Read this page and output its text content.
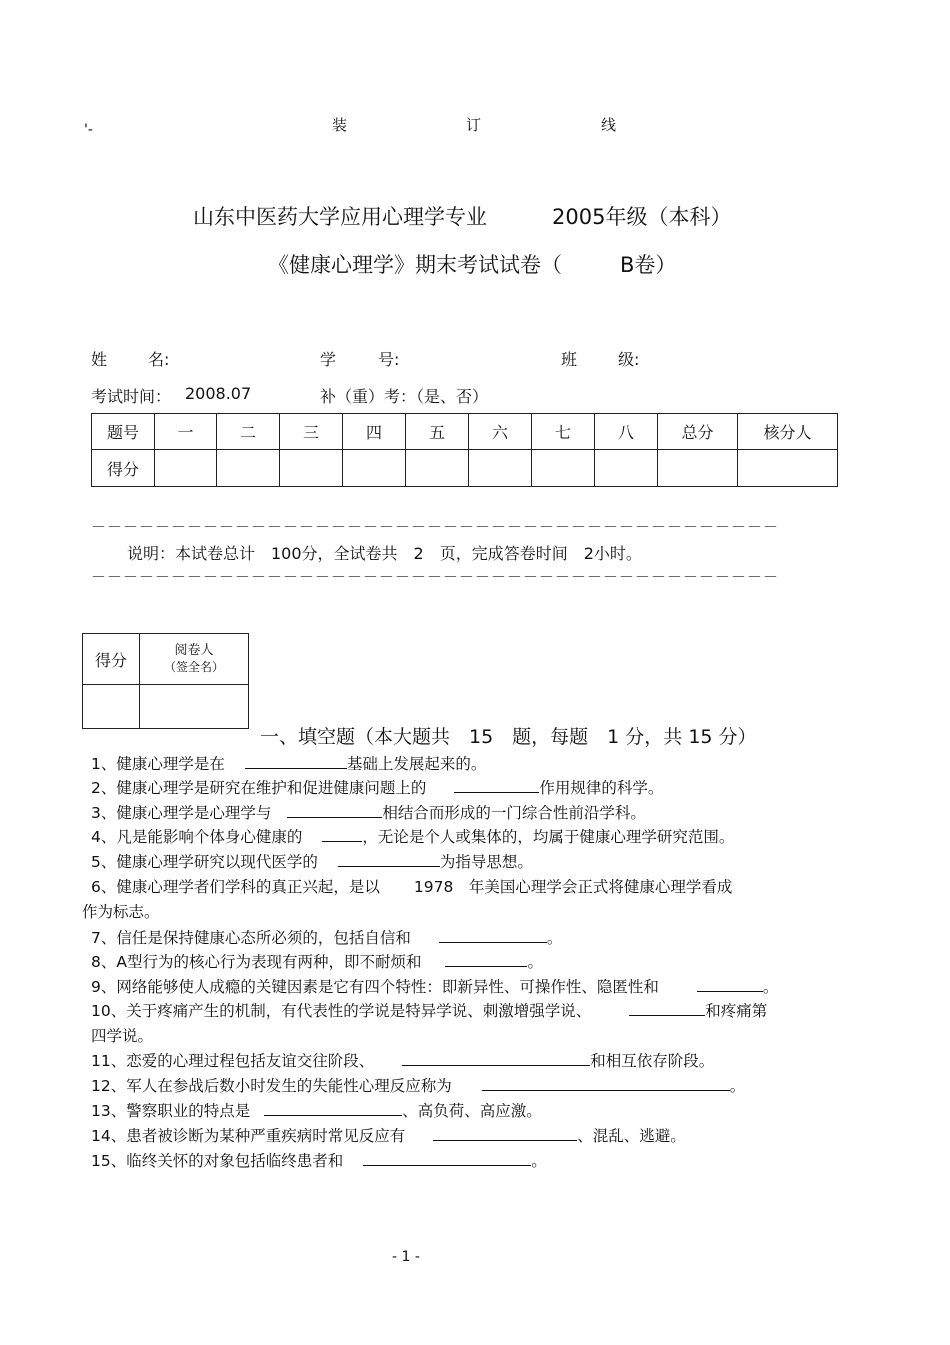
装	订	线
'-
山东中医药大学应用心理学专业	2005年级（本科）
《健康心理学》期末考试试卷（	B卷）
姓	名:	学	号:	班	级:
考试时间： 2008.07	补（重）考：（是、否）
题号	一	二	三	四	五	六	七	八	总分	核分人
得分										
－－－－－－－－－－－－－－－－－－－－－－－－－－－－－－－－－－－－－－－－－－－
说明：本试卷总计　100分，全试卷共　2　页，完成答卷时间　2小时。
－－－－－－－－－－－－－－－－－－－－－－－－－－－－－－－－－－－－－－－－－－－
得分	阅卷人
（签全名）

一、填空题（本大题共　15　题，每题　1 分，共 15 分）
1、健康心理学是在	基础上发展起来的。
2、健康心理学是研究在维护和促进健康问题上的	作用规律的科学。
3、健康心理学是心理学与	相结合而形成的一门综合性前沿学科。
4、凡是能影响个体身心健康的	，无论是个人或集体的，均属于健康心理学研究范围。
5、健康心理学研究以现代医学的	为指导思想。
6、健康心理学者们学科的真正兴起，是以 1978　年美国心理学会正式将健康心理学看成
作为标志。
7、信任是保持健康心态所必须的，包括自信和	。
8、A型行为的核心行为表现有两种，即不耐烦和	。
9、网络能够使人成瘾的关键因素是它有四个特性：即新异性、可操作性、隐匿性和	。
10、关于疼痛产生的机制，有代表性的学说是特异学说、刺激增强学说、	和疼痛第
四学说。
11、恋爱的心理过程包括友谊交往阶段、	和相互依存阶段。
12、军人在参战后数小时发生的失能性心理反应称为	。
13、警察职业的特点是	、高负荷、高应激。
14、患者被诊断为某种严重疾病时常见反应有	、混乱、逃避。
15、临终关怀的对象包括临终患者和	。
- 1 -
